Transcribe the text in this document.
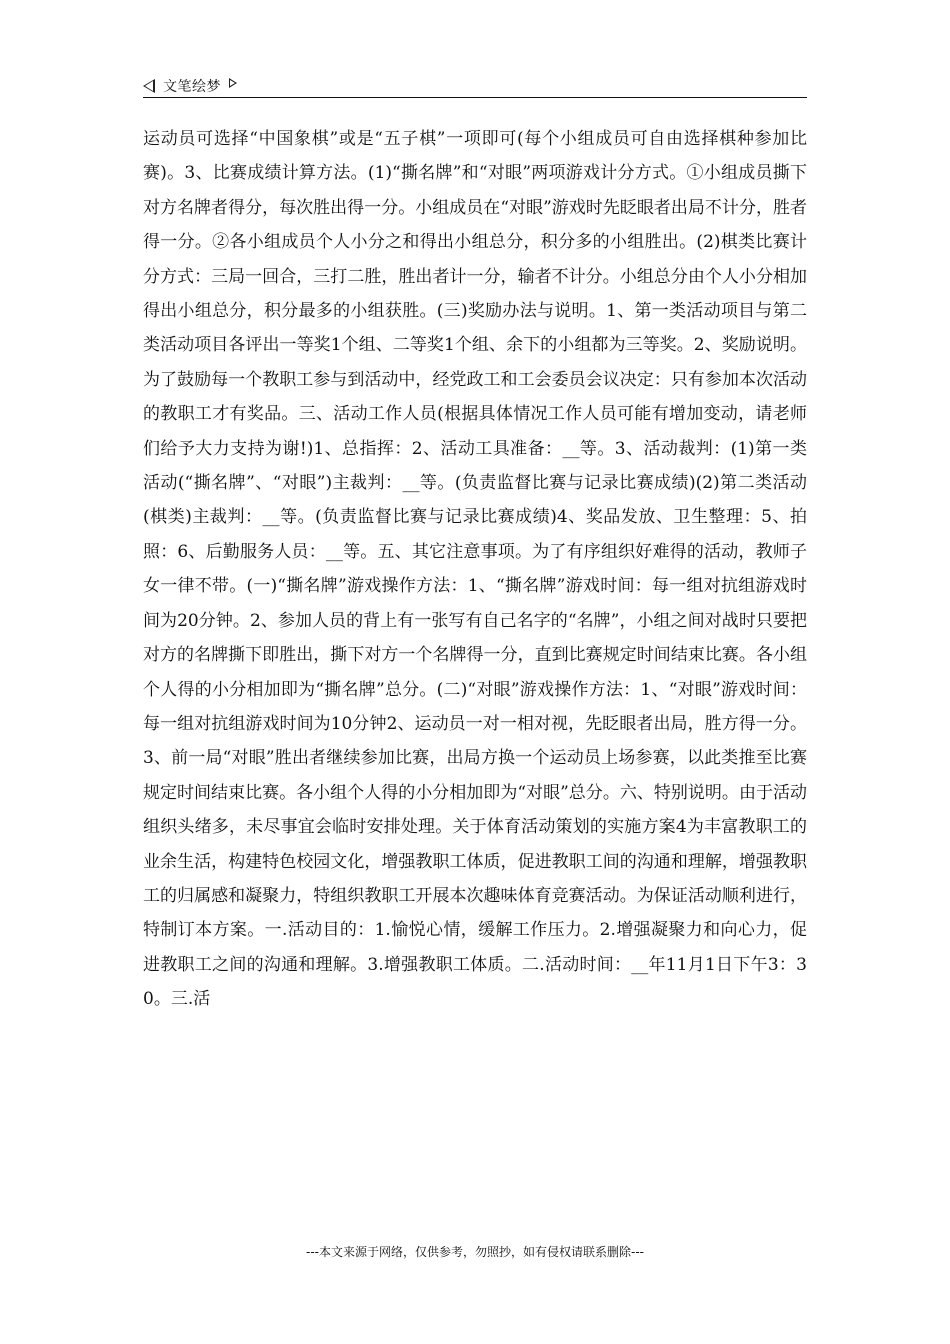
文笔绘梦

运动员可选择“中国象棋”或是“五子棋”一项即可(每个小组成员可自由选择棋种参加比赛)。3、比赛成绩计算方法。(1)“撕名牌”和“对眼”两项游戏计分方式。①小组成员撕下对方名牌者得分，每次胜出得一分。小组成员在“对眼”游戏时先眨眼者出局不计分，胜者得一分。②各小组成员个人小分之和得出小组总分，积分多的小组胜出。(2)棋类比赛计分方式：三局一回合，三打二胜，胜出者计一分，输者不计分。小组总分由个人小分相加得出小组总分，积分最多的小组获胜。(三)奖励办法与说明。1、第一类活动项目与第二类活动项目各评出一等奖1个组、二等奖1个组、余下的小组都为三等奖。2、奖励说明。为了鼓励每一个教职工参与到活动中，经党政工和工会委员会议决定：只有参加本次活动的教职工才有奖品。三、活动工作人员(根据具体情况工作人员可能有增加变动，请老师们给予大力支持为谢!)1、总指挥：2、活动工具准备：__等。3、活动裁判：(1)第一类活动(“撕名牌”、“对眼”)主裁判：__等。(负责监督比赛与记录比赛成绩)(2)第二类活动(棋类)主裁判：__等。(负责监督比赛与记录比赛成绩)4、奖品发放、卫生整理：5、拍照：6、后勤服务人员：__等。五、其它注意事项。为了有序组织好难得的活动，教师子女一律不带。(一)“撕名牌”游戏操作方法：1、“撕名牌”游戏时间：每一组对抗组游戏时间为20分钟。2、参加人员的背上有一张写有自己名字的“名牌”，小组之间对战时只要把对方的名牌撕下即胜出，撕下对方一个名牌得一分，直到比赛规定时间结束比赛。各小组个人得的小分相加即为“撕名牌”总分。(二)“对眼”游戏操作方法：1、“对眼”游戏时间：每一组对抗组游戏时间为10分钟2、运动员一对一相对视，先眨眼者出局，胜方得一分。3、前一局“对眼”胜出者继续参加比赛，出局方换一个运动员上场参赛，以此类推至比赛规定时间结束比赛。各小组个人得的小分相加即为“对眼”总分。六、特别说明。由于活动组织头绪多，未尽事宜会临时安排处理。关于体育活动策划的实施方案4为丰富教职工的业余生活，构建特色校园文化，增强教职工体质，促进教职工间的沟通和理解，增强教职工的归属感和凝聚力，特组织教职工开展本次趣味体育竞赛活动。为保证活动顺利进行，特制订本方案。一.活动目的：1.愉悦心情，缓解工作压力。2.增强凝聚力和向心力，促进教职工之间的沟通和理解。3.增强教职工体质。二.活动时间：__年11月1日下午3：30。三.活

---本文来源于网络，仅供参考，勿照抄，如有侵权请联系删除---
